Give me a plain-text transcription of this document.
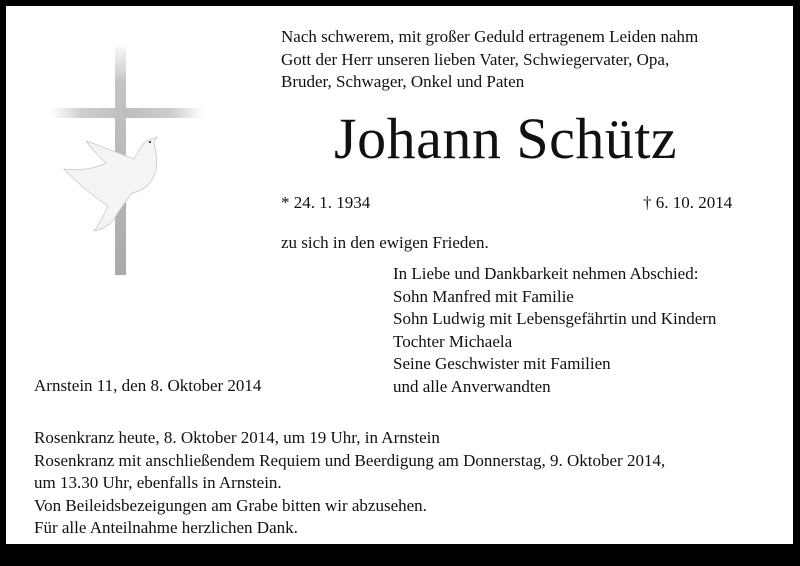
Nach schwerem, mit großer Geduld ertragenem Leiden nahm
Gott der Herr unseren lieben Vater, Schwiegervater, Opa,
Bruder, Schwager, Onkel und Paten
Johann Schütz
* 24. 1. 1934	† 6. 10. 2014
zu sich in den ewigen Frieden.
In Liebe und Dankbarkeit nehmen Abschied:
Sohn Manfred mit Familie
Sohn Ludwig mit Lebensgefährtin und Kindern
Tochter Michaela
Seine Geschwister mit Familien
und alle Anverwandten
Arnstein 11, den 8. Oktober 2014
Rosenkranz heute, 8. Oktober 2014, um 19 Uhr, in Arnstein
Rosenkranz mit anschließendem Requiem und Beerdigung am Donnerstag, 9. Oktober 2014,
um 13.30 Uhr, ebenfalls in Arnstein.
Von Beileidsbezeigungen am Grabe bitten wir abzusehen.
Für alle Anteilnahme herzlichen Dank.
